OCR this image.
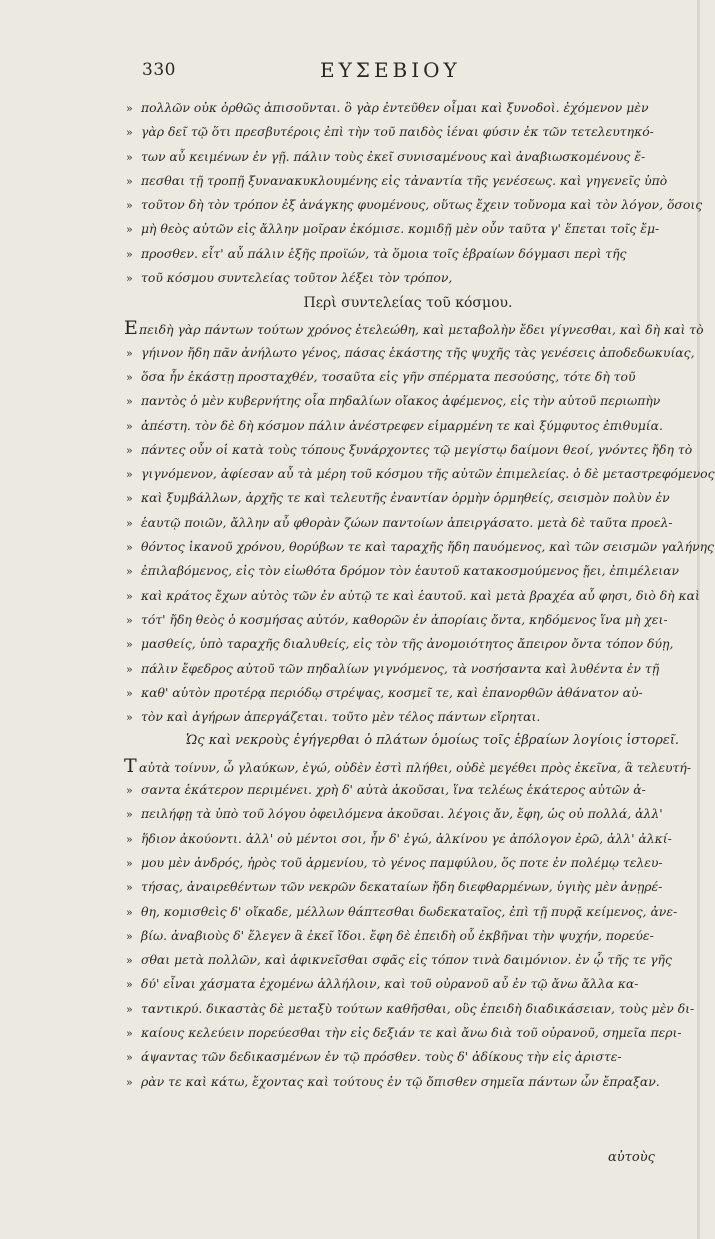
330	ΕΥΣΕΒΙΟΥ
» πολλῶν οὐκ ὀρθῶς ἀπισοῦνται. ὃ γὰρ ἐντεῦθεν οἶμαι καὶ ξυνοδοὶ. ἐχόμενον μὲν
» γὰρ δεῖ τῷ ὅτι πρεσβυτέροις ἐπὶ τὴν τοῦ παιδὸς ἰέναι φύσιν ἐκ τῶν τετελευτηκό-
» των αὖ κειμένων ἐν γῇ. πάλιν τοὺς ἐκεῖ συνισαμένους καὶ ἀναβιωσκομένους ἔ-
» πεσθαι τῇ τροπῇ ξυνανακυκλουμένης εἰς τἀναντία τῆς γενέσεως. καὶ γηγενεῖς ὑπὸ
» τοῦτον δὴ τὸν τρόπον ἐξ ἀνάγκης φυομένους, οὕτως ἔχειν τοὔνομα καὶ τὸν λόγον, ὅσοις
» μὴ θεὸς αὐτῶν εἰς ἄλλην μοῖραν ἐκόμισε. κομιδῇ μὲν οὖν ταῦτα γ' ἕπεται τοῖς ἔμ-
» προσθεν. εἶτ' αὖ πάλιν ἑξῆς προϊών, τὰ ὅμοια τοῖς ἑβραίων δόγμασι περὶ τῆς
» τοῦ κόσμου συντελείας τοῦτον λέξει τὸν τρόπον,
Περὶ συντελείας τοῦ κόσμου.
Επειδὴ γὰρ πάντων τούτων χρόνος ἐτελεώθη, καὶ μεταβολὴν ἔδει γίγνεσθαι, καὶ δὴ καὶ τὸ
» γήινον ἤδη πᾶν ἀνήλωτο γένος, πάσας ἑκάστης τῆς ψυχῆς τὰς γενέσεις ἀποδεδωκυίας,
» ὅσα ἦν ἑκάστῃ προσταχθέν, τοσαῦτα εἰς γῆν σπέρματα πεσούσης, τότε δὴ τοῦ
» παντὸς ὁ μὲν κυβερνήτης οἷα πηδαλίων οἴακος ἀφέμενος, εἰς τὴν αὑτοῦ περιωπὴν
» ἀπέστη. τὸν δὲ δὴ κόσμον πάλιν ἀνέστρεφεν εἱμαρμένη τε καὶ ξύμφυτος ἐπιθυμία.
» πάντες οὖν οἱ κατὰ τοὺς τόπους ξυνάρχοντες τῷ μεγίστῳ δαίμονι θεοί, γνόντες ἤδη τὸ
» γιγνόμενον, ἀφίεσαν αὖ τὰ μέρη τοῦ κόσμου τῆς αὐτῶν ἐπιμελείας. ὁ δὲ μεταστρεφόμενος
» καὶ ξυμβάλλων, ἀρχῆς τε καὶ τελευτῆς ἐναντίαν ὁρμὴν ὁρμηθείς, σεισμὸν πολὺν ἐν
» ἑαυτῷ ποιῶν, ἄλλην αὖ φθορὰν ζώων παντοίων ἀπειργάσατο. μετὰ δὲ ταῦτα προελ-
» θόντος ἱκανοῦ χρόνου, θορύβων τε καὶ ταραχῆς ἤδη παυόμενος, καὶ τῶν σεισμῶν γαλήνης
» ἐπιλαβόμενος, εἰς τὸν εἰωθότα δρόμον τὸν ἑαυτοῦ κατακοσμούμενος ᾔει, ἐπιμέλειαν
» καὶ κράτος ἔχων αὐτὸς τῶν ἐν αὐτῷ τε καὶ ἑαυτοῦ. καὶ μετὰ βραχέα αὖ φησι, διὸ δὴ καὶ
» τότ' ἤδη θεὸς ὁ κοσμήσας αὐτόν, καθορῶν ἐν ἀπορίαις ὄντα, κηδόμενος ἵνα μὴ χει-
» μασθείς, ὑπὸ ταραχῆς διαλυθείς, εἰς τὸν τῆς ἀνομοιότητος ἄπειρον ὄντα τόπον δύῃ,
» πάλιν ἔφεδρος αὐτοῦ τῶν πηδαλίων γιγνόμενος, τὰ νοσήσαντα καὶ λυθέντα ἐν τῇ
» καθ' αὑτὸν προτέρᾳ περιόδῳ στρέψας, κοσμεῖ τε, καὶ ἐπανορθῶν ἀθάνατον αὐ-
» τὸν καὶ ἀγήρων ἀπεργάζεται. τοῦτο μὲν τέλος πάντων εἴρηται.
Ὡς καὶ νεκροὺς ἐγήγερθαι ὁ πλάτων ὁμοίως τοῖς ἑβραίων λογίοις ἱστορεῖ.
Ταὐτὰ τοίνυν, ὦ γλαύκων, ἐγώ, οὐδὲν ἐστὶ πλήθει, οὐδὲ μεγέθει πρὸς ἐκεῖνα, ἃ τελευτή-
» σαντα ἑκάτερον περιμένει. χρὴ δ' αὐτὰ ἀκοῦσαι, ἵνα τελέως ἑκάτερος αὐτῶν ἀ-
» πειλήφῃ τὰ ὑπὸ τοῦ λόγου ὀφειλόμενα ἀκοῦσαι. λέγοις ἄν, ἔφη, ὡς οὐ πολλά, ἀλλ'
» ἥδιον ἀκούοντι. ἀλλ' οὐ μέντοι σοι, ἦν δ' ἐγώ, ἀλκίνου γε ἀπόλογον ἐρῶ, ἀλλ' ἀλκί-
» μου μὲν ἀνδρός, ἠρὸς τοῦ ἀρμενίου, τὸ γένος παμφύλου, ὅς ποτε ἐν πολέμῳ τελευ-
» τήσας, ἀναιρεθέντων τῶν νεκρῶν δεκαταίων ἤδη διεφθαρμένων, ὑγιὴς μὲν ἀνῃρέ-
» θη, κομισθεὶς δ' οἴκαδε, μέλλων θάπτεσθαι δωδεκαταῖος, ἐπὶ τῇ πυρᾷ κείμενος, ἀνε-
» βίω. ἀναβιοὺς δ' ἔλεγεν ἃ ἐκεῖ ἴδοι. ἔφη δὲ ἐπειδὴ οὗ ἐκβῆναι τὴν ψυχήν, πορεύε-
» σθαι μετὰ πολλῶν, καὶ ἀφικνεῖσθαι σφᾶς εἰς τόπον τινὰ δαιμόνιον. ἐν ᾧ τῆς τε γῆς
» δύ' εἶναι χάσματα ἐχομένω ἀλλήλοιν, καὶ τοῦ οὐρανοῦ αὖ ἐν τῷ ἄνω ἄλλα κα-
» ταντικρύ. δικαστὰς δὲ μεταξὺ τούτων καθῆσθαι, οὓς ἐπειδὴ διαδικάσειαν, τοὺς μὲν δι-
» καίους κελεύειν πορεύεσθαι τὴν εἰς δεξιάν τε καὶ ἄνω διὰ τοῦ οὐρανοῦ, σημεῖα περι-
» άψαντας τῶν δεδικασμένων ἐν τῷ πρόσθεν. τοὺς δ' ἀδίκους τὴν εἰς ἀριστε-
» ρὰν τε καὶ κάτω, ἔχοντας καὶ τούτους ἐν τῷ ὄπισθεν σημεῖα πάντων ὧν ἔπραξαν.
αὐτοὺς
